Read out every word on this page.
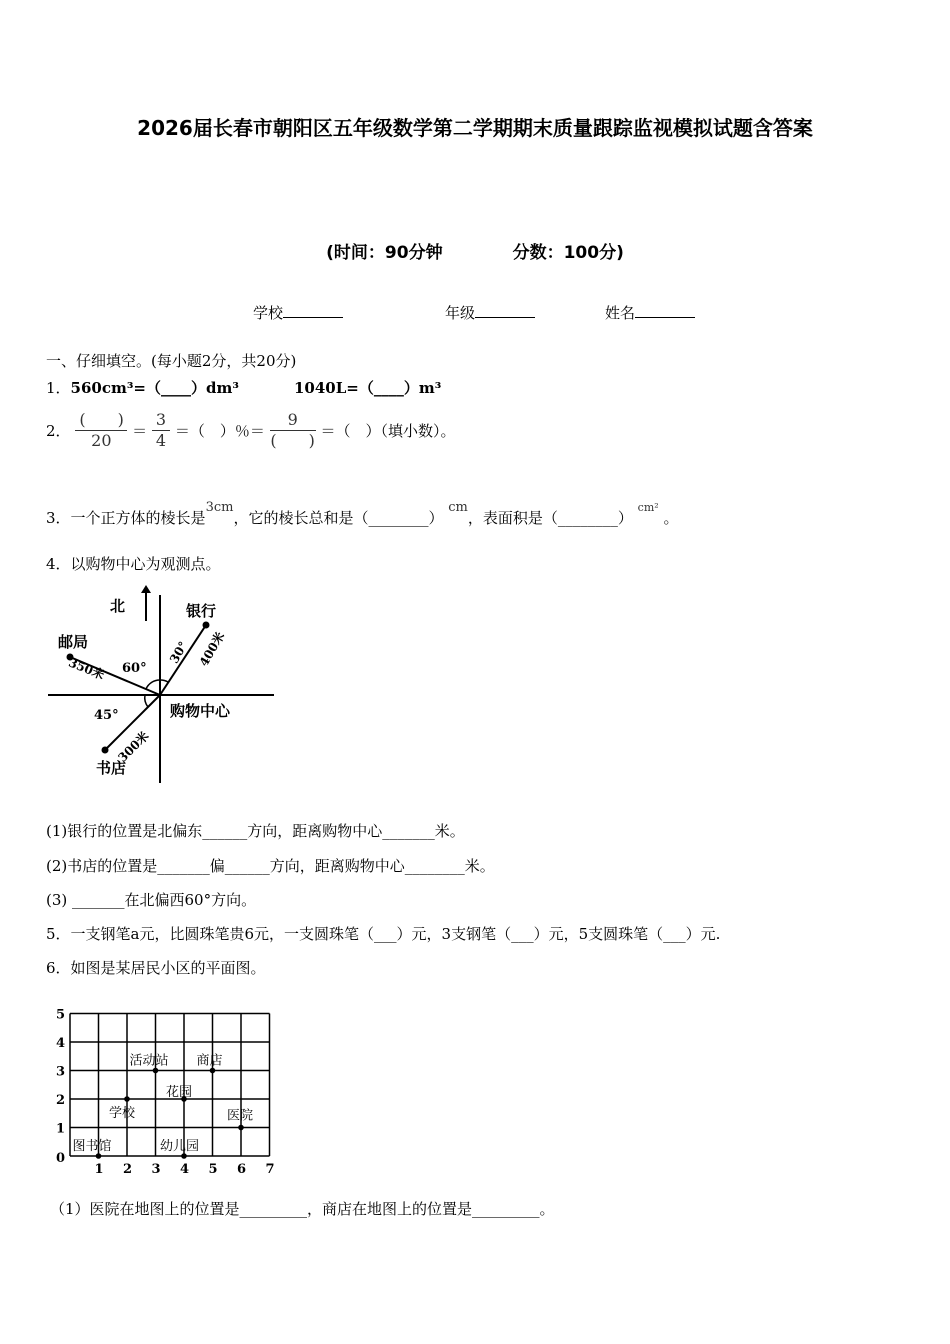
2026届长春市朝阳区五年级数学第二学期期末质量跟踪监视模拟试题含答案
(时间：90分钟	分数：100分)
学校	年级	姓名
一、仔细填空。(每小题2分，共20分)
1．560cm³=（____）dm³	1040L=（____）m³
2． $\frac{( )}{20} = \frac{3}{4}$ ＝（　）％＝ $\frac{9}{( )}$ ＝（　）（填小数）。
3．一个正方体的棱长是3cm，它的棱长总和是（________） cm，表面积是（________） $^{cm^2}$ 。
4．以购物中心为观测点。
北	银行
邮局
购物中心
书店
60°
30°
45°
400米
350米
300米
(1)银行的位置是北偏东______方向，距离购物中心_______米。
(2)书店的位置是_______偏______方向，距离购物中心________米。
(3) _______在北偏西60°方向。
5．一支钢笔a元，比圆珠笔贵6元，一支圆珠笔（___）元，3支钢笔（___）元，5支圆珠笔（___）元.
6．如图是某居民小区的平面图。
0
1 2 3 4 5 6 7
1
2
3
4
5
活动站 商店
花园
学校	医院
图书馆	幼儿园
（1）医院在地图上的位置是_________，商店在地图上的位置是_________。
